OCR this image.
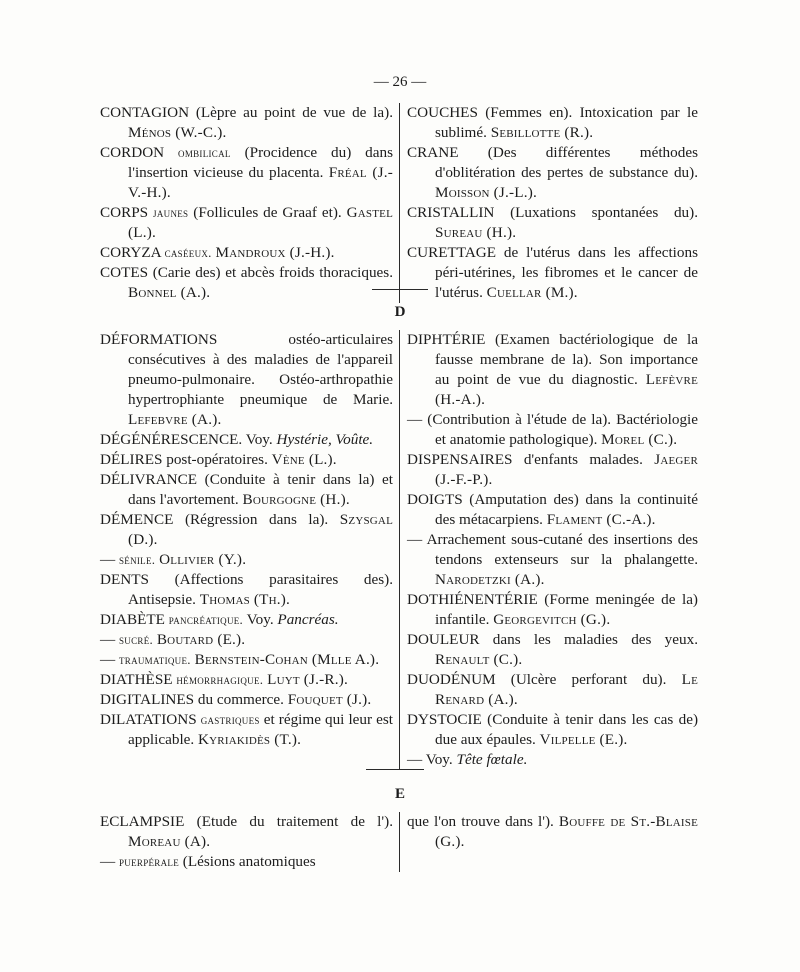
— 26 —
CONTAGION (Lèpre au point de vue de la). Ménos (W.-C.).
CORDON ombilical (Procidence du) dans l'insertion vicieuse du placenta. Fréal (J.-V.-H.).
CORPS jaunes (Follicules de Graaf et). Gastel (L.).
CORYZA caséeux. Mandroux (J.-H.).
COTES (Carie des) et abcès froids thoraciques. Bonnel (A.).
COUCHES (Femmes en). Intoxication par le sublimé. Sebillotte (R.).
CRANE (Des différentes méthodes d'oblitération des pertes de substance du). Moisson (J.-L.).
CRISTALLIN (Luxations spontanées du). Sureau (H.).
CURETTAGE de l'utérus dans les affections péri-utérines, les fibromes et le cancer de l'utérus. Cuellar (M.).
D
DÉFORMATIONS ostéo-articulaires consécutives à des maladies de l'appareil pneumo-pulmonaire. Ostéo-arthropathie hypertrophiante pneumique de Marie. Lefebvre (A.).
DÉGÉNÉRESCENCE. Voy. Hystérie, Voûte.
DÉLIRES post-opératoires. Vène (L.).
DÉLIVRANCE (Conduite à tenir dans la) et dans l'avortement. Bourgogne (H.).
DÉMENCE (Régression dans la). Szysgal (D.).
— sénile. Ollivier (Y.).
DENTS (Affections parasitaires des). Antisepsie. Thomas (Th.).
DIABÈTE pancréatique. Voy. Pancréas.
— sucré. Boutard (E.).
— traumatique. Bernstein-Cohan (Mlle A.).
DIATHÈSE hémorrhagique. Luyt (J.-R.).
DIGITALINES du commerce. Fouquet (J.).
DILATATIONS gastriques et régime qui leur est applicable. Kyriakidès (T.).
DIPHTÉRIE (Examen bactériologique de la fausse membrane de la). Son importance au point de vue du diagnostic. Lefèvre (H.-A.).
— (Contribution à l'étude de la). Bactériologie et anatomie pathologique). Morel (C.).
DISPENSAIRES d'enfants malades. Jaeger (J.-F.-P.).
DOIGTS (Amputation des) dans la continuité des métacarpiens. Flament (C.-A.).
— Arrachement sous-cutané des insertions des tendons extenseurs sur la phalangette. Narodetzki (A.).
DOTHIÉNENTÉRIE (Forme meningée de la) infantile. Georgevitch (G.).
DOULEUR dans les maladies des yeux. Renault (C.).
DUODÉNUM (Ulcère perforant du). Le Renard (A.).
DYSTOCIE (Conduite à tenir dans les cas de) due aux épaules. Vilpelle (E.).
— Voy. Tête fœtale.
E
ECLAMPSIE (Etude du traitement de l'). Moreau (A).
— puerpérale (Lésions anatomiques
que l'on trouve dans l'). Bouffe de St.-Blaise (G.).
